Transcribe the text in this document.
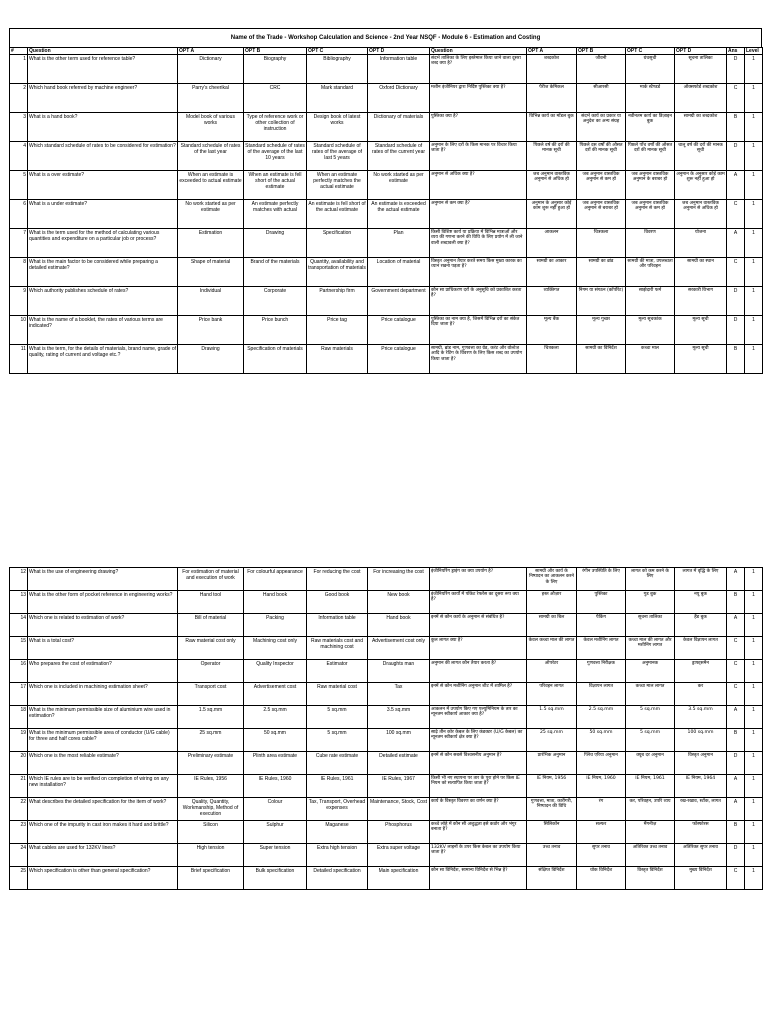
Name of the Trade - Workshop Calculation and Science - 2nd Year NSQF - Module 6 - Estimation and Costing
#	Question	OPT A	OPT B	OPT C	OPT D	Question	OPT A	OPT B	OPT C	OPT D	Ans	Level
1	What is the other term used for reference table?	Dictionary	Biography	Bibliography	Information table	संदर्भ तालिका के लिए इस्तेमाल किया जाने वाला दूसरा शब्द क्या है?	शब्दकोश	जीवनी	ग्रंथसूची	सूचना तालिका	D	1
2	Which hand book referred by machine engineer?	Parry's cheerikal	CRC	Mark standard	Oxford Dictionary	मशीन इंजीनियर द्वारा निर्दिष्ट पुस्तिका क्या है?	पैरीज केमिकल	सीआरसी	मार्क स्टैण्डर्ड	ऑक्सफोर्ड शब्दकोश	C	1
3	What is a hand book?	Model book of various works	Type of reference work or other collection of instruction	Design book of latest works	Dictionary of materials	पुस्तिका क्या है?	विभिन्न कार्य का मॉडल बुक	संदर्भ कार्य का प्रकार या अनुदेश का अन्य संग्रह	नवीनतम कार्य का डिज़ाइन बुक	सामग्री का शब्दकोश	B	1
4	Which standard schedule of rates to be considered for estimation?	Standard schedule of rates of the last year	Standard schedule of rates of the average of the last 10 years	Standard schedule of rates of the average of last 5 years	Standard schedule of rates of the current year	अनुमान के लिए दरों के किस मानक पर विचार किया जाता है?	पिछले वर्ष की दरों की मानक सूची	पिछले दस वर्षों की औसत दरों की मानक सूची	पिछले पाँच वर्षों की औसत दरों की मानक सूची	चालू वर्ष की दरों की मानक सूची	D	1
5	What is a over estimate?	When an estimate is exceeded to actual estimate	When an estimate is fell short of the actual estimate	When an estimate perfectly matches the actual estimate	No work started as per estimate	अनुमान से अधिक क्या है?	जब अनुमान वास्तविक अनुमान से अधिक हो	जब अनुमान वास्तविक अनुमान से कम हो	जब अनुमान वास्तविक अनुमान के बराबर हो	अनुमान के अनुसार कोई काम शुरू नहीं हुआ हो	A	1
6	What is a under estimate?	No work started as per estimate	An estimate perfectly matches with actual	An estimate is fell short of the actual estimate	An estimate is exceeded the actual estimate	अनुमान से कम क्या है?	अनुमान के अनुसार कोई काम शुरू नहीं हुआ हो	जब अनुमान वास्तविक अनुमान से बराबर हो	जब अनुमान वास्तविक अनुमान से कम हो	जब अनुमान वास्तविक अनुमान से अधिक हो	C	1
7	What is the term used for the method of calculating various quantities and expenditure on a particular job or process?	Estimation	Drawing	Specification	Plan	किसी विशिष्ट कार्य या प्रक्रिया में विभिन्न मात्राओं और व्यय की गणना करने की विधि के लिए प्रयोग में ली जाने वाली शब्दावली क्या है?	आकलन	चित्रकला	विवरण	योजना	A	1
8	What is the main factor to be considered while preparing a detailed estimate?	Shape of material	Brand of the materials	Quantity, availability and transportation of materials	Location of material	विस्तृत अनुमान तैयार करते समय किस मुख्य कारक का ध्यान रखना पड़ता है?	सामग्री का आकार	सामग्री का ब्रांड	सामग्री की मात्रा, उपलब्धता और परिवहन	सामग्री का स्थान	C	1
9	Which authority publishes schedule of rates?	Individual	Corporate	Partnership firm	Government department	कौन सा प्राधिकरण दरों के अनुसूचि को प्रकाशित करता है?	व्यक्तिगत	निगम या संगठन (कॉर्पोरेट)	साझेदारी फर्म	सरकारी विभाग	D	1
10	What is the name of a booklet, the rates of various terms are indicated?	Price bank	Price bunch	Price tag	Price catalogue	पुस्तिका का नाम क्या है, जिसमें विभिन्न दरों का संकेत दिया जाता है?	मूल्य बैंक	मूल्य गुच्छा	मूल्य सूचकांक	मूल्य सूची	D	1
11	What is the term, for the details of materials, brand name, grade of quality, rating of current and voltage etc.?	Drawing	Specification of materials	Raw materials	Price catalogue	सामग्री, ब्रांड नाम, गुणवत्ता का ग्रेड, करंट और वोल्टेज आदि के रेटिंग के विवरण के लिए किस शब्द का उपयोग किया जाता है?	चित्रकला	सामग्री का विनिर्देश	कच्चा माल	मूल्य सूची	B	1
12	What is the use of engineering drawing?	For estimation of material and execution of work	For colourful appearance	For reducing the cost	For increasing the cost	इंजीनियरिंग ड्राइंग का क्या उपयोग है?	सामग्री और कार्य के निष्पादन का आकलन करने के लिए	रंगीन उपस्थिति के लिए	लागत को कम करने के लिए	लागत में वृद्धि के लिए	A	1
13	What is the other form of pocket reference in engineering works?	Hand tool	Hand book	Good book	New book	इंजीनियरिंग कार्यों में पॉकेट रेफरेंस का दूसरा रूप क्या है?	हस्त औज़ार	पुस्तिका	गुड बुक	नयू बुक	B	1
14	Which one is related to estimation of work?	Bill of material	Packing	Information table	Hand book	इनमें से कौन कार्य के अनुमान से संबंधित है?	सामग्री का बिल	पैकिंग	सूचना तालिका	हैंड बुक	A	1
15	What is a total cost?	Raw material cost only	Machining cost only	Raw materials cost and machining cost	Advertisement cost only	कुल लागत क्या है?	केवल कच्चा माल की लागत	केवल मशीनिंग लागत	कच्चा माल की लागत और मशीनिंग लागत	केवल विज्ञापन लागत	C	1
16	Who prepares the cost of estimation?	Operator	Quality Inspector	Estimator	Draughts man	अनुमान की लागत कौन तैयार करता है?	ऑपरेटर	गुणवत्ता निरीक्षक	अनुमानक	ड्राफ्ट्समैन	C	1
17	Which one is included in machining estimation sheet?	Transport cost	Advertisement cost	Raw material cost	Tax	इनमें से कौन मशीनिंग अनुमान शीट में शामिल है?	परिवहन लागत	विज्ञापन लागत	कच्चा माल लागत	कर	C	1
18	What is the minimum permissible size of aluminium wire used in estimation?	1.5 sq.mm	2.5 sq.mm	5 sq.mm	3.5 sq.mm	आकलन में उपयोग किए गए एल्युमिनियम के तार का न्यूनतम स्वीकार्य आकार क्या है?	1.5 sq.mm	2.5 sq.mm	5 sq.mm	3.5 sq.mm	A	1
19	What is the minimum permissible area of conductor (U/G cable) for three and half cores cable?	25 sq.mm	50 sq.mm	5 sq.mm	100 sq.mm	साढ़े तीन कोर केबल के लिए कंडक्टर (U/G केबल) का न्यूनतम स्वीकार्य क्षेत्र क्या है?	25 sq.mm	50 sq.mm	5 sq.mm	100 sq.mm	B	1
20	Which one is the most reliable estimate?	Preliminary estimate	Plinth area estimate	Cube rate estimate	Detailed estimate	इनमें से कौन सबसे विश्वसनीय अनुमान है?	प्रारंभिक अनुमान	प्लिंथ एरिया अनुमान	क्यूब दर अनुमान	विस्तृत अनुमान	D	1
21	Which IE rules are to be verified on completion of wiring on any new installation?	IE Rules, 1956	IE Rules, 1960	IE Rules, 1961	IE Rules, 1967	किसी भी नए स्थापना पर तार के पूरा होने पर किस IE नियम को सत्यापित किया जाता है?	IE नियम, 1956	IE नियम, 1960	IE नियम, 1961	IE नियम, 1964	A	1
22	What describes the detailed specification for the item of work?	Quality, Quantity, Workmanship, Method of execution	Colour	Tax, Transport, Overhead expenses	Maintenance, Stock, Cost	कार्य के विस्तृत विवरण का वर्णन क्या है?	गुणवत्ता, मात्रा, कारीगरी, निष्पादन की विधि	रंग	कर, परिवहन, उपरि व्यय	रख-रखाव, स्टॉक, लागत	A	1
23	Which one of the impurity in cast iron makes it hard and brittle?	Silicon	Sulphur	Maganese	Phosphorus	कच्चे लोहे में कौन सी अशुद्धता इसे कठोर और भंगुर बनाता है?	सिलिकॉन	सल्फर	मैंगनीज़	फॉस्फोरस	B	1
24	What cables are used for 132KV lines?	High tension	Super tension	Extra high tension	Extra super voltage	132KV लाइनों के उपर किस केबल का उपयोग किया जाता है?	उच्च तनाव	सुपर तनाव	अतिरिक्त उच्च तनाव	अतिरिक्त सुपर तनाव	D	1
25	Which specification is other than general specification?	Brief specification	Bulk specification	Detailed specification	Main specification	कौन सा विनिर्देश, सामान्य विनिर्देश से भिन्न है?	संक्षिप्त विनिर्देश	थोक विनिर्देश	विस्तृत विनिर्देश	मुख्य विनिर्देश	C	1
